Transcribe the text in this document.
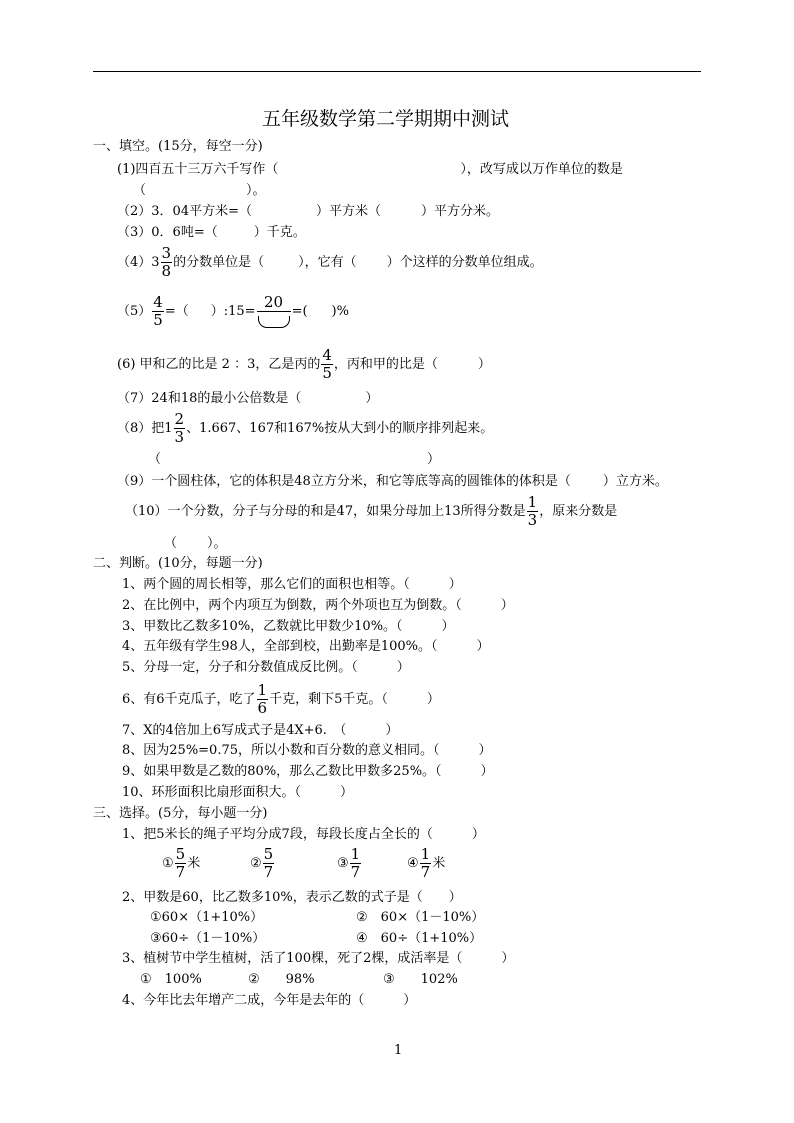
五年级数学第二学期期中测试
一、填空。(15分，每空一分)
(1)四百五十三万六千写作（	），改写成以万作单位的数是
（	）。
（2）3．04平方米=（	）平方米（	）平方分米。
（3）0．6吨=（	）千克。
$(4)3 \frac{3}{8}$ 的分数单位是（	），它有（ ）个这样的分数单位组成。
$(5) \frac{4}{5}$ =（ ）:15=
20
=( )%
(6) 甲和乙的比是 2 ：3，乙是丙的 $\frac{4}{5}$ ，丙和甲的比是（	）
（7）24和18的最小公倍数是（	）
（8）把$1 \frac{2}{3}$ 、1.667、167和167%按从大到小的顺序排列起来。
（	）
（9）一个圆柱体，它的体积是48立方分米，和它等底等高的圆锥体的体积是（ ）立方米。
（10）一个分数，分子与分母的和是47，如果分母加上13所得分数是 $\frac{1}{3}$ ，原来分数是
（ ）。
二、判断。(10分，每题一分)
1、两个圆的周长相等，那么它们的面积也相等。（　　　）
2、在比例中，两个内项互为倒数，两个外项也互为倒数。（　　　）
3、甲数比乙数多10%，乙数就比甲数少10%。（　　　）
4、五年级有学生98人，全部到校，出勤率是100%。（　　　）
5、分母一定，分子和分数值成反比例。（　　　）
6、有6千克瓜子，吃了 $\frac{1}{6}$ 千克，剩下5千克。（　　　）
7、X的4倍加上6写成式子是4X+6.　（　　　）
8、因为25%=0.75，所以小数和百分数的意义相同。（　　　）
9、如果甲数是乙数的80%，那么乙数比甲数多25%。（　　　）
10、环形面积比扇形面积大。（　　　）
三、选择。(5分，每小题一分)
1、把5米长的绳子平均分成7段，每段长度占全长的（　　　）
① $\frac{5}{7}$ 米	② $\frac{5}{7}$	③ $\frac{1}{7}$	④ $\frac{1}{7}$ 米
2、甲数是60，比乙数多10%，表示乙数的式子是（　　）
①60×（1+10%）	②　60×（1－10%）
③60÷（1－10%）	④　60÷（1+10%）
3、植树节中学生植树，活了100棵，死了2棵，成活率是（　　　）
①　100%	②　　98%	③　　102%
4、今年比去年增产二成，今年是去年的（　　　）
1
